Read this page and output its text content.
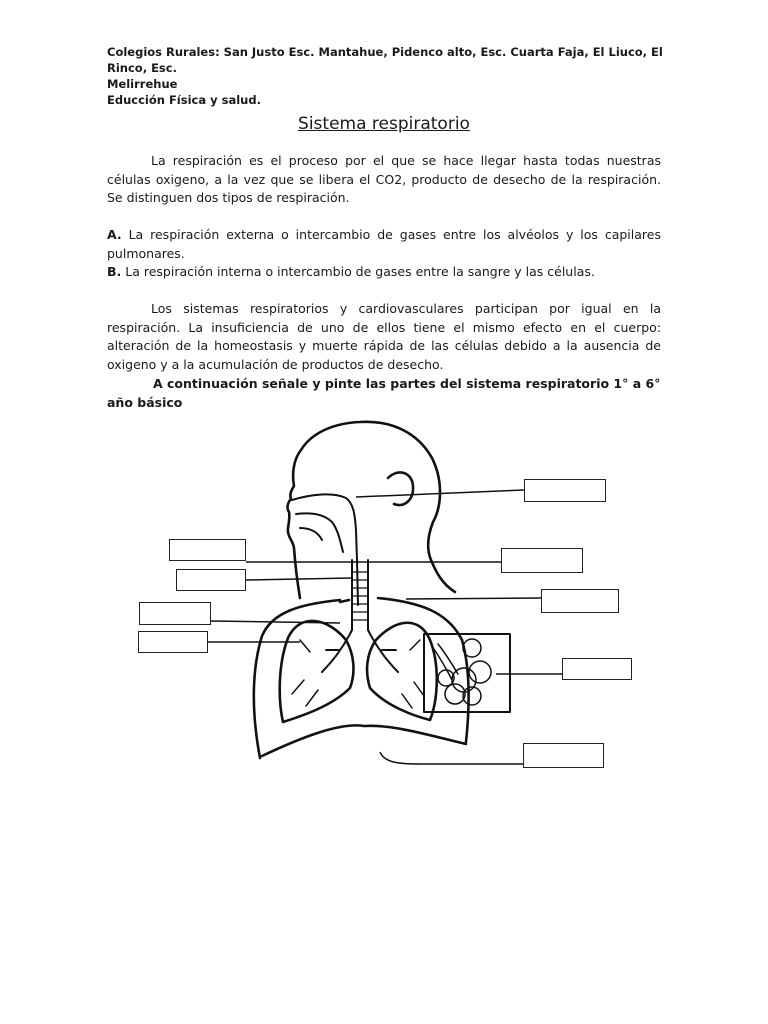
Colegios Rurales: San Justo Esc. Mantahue, Pidenco alto, Esc. Cuarta Faja, El Liuco, El Rinco, Esc.
Melirrehue
Educción Física y salud.
Sistema respiratorio
La respiración es el proceso por el que se hace llegar hasta todas nuestras células oxigeno, a la vez que se libera el CO2, producto de desecho de la respiración. Se distinguen dos tipos de respiración.
A. La respiración externa o intercambio de gases entre los alvéolos y los capilares pulmonares.
B. La respiración interna o intercambio de gases entre la sangre y las células.
Los sistemas respiratorios y cardiovasculares participan por igual en la respiración. La insuficiencia de uno de ellos tiene el mismo efecto en el cuerpo: alteración de la homeostasis y muerte rápida de las células debido a la ausencia de oxigeno y a la acumulación de productos de desecho.
A continuación señale y pinte las partes del sistema respiratorio 1° a 6° año básico
